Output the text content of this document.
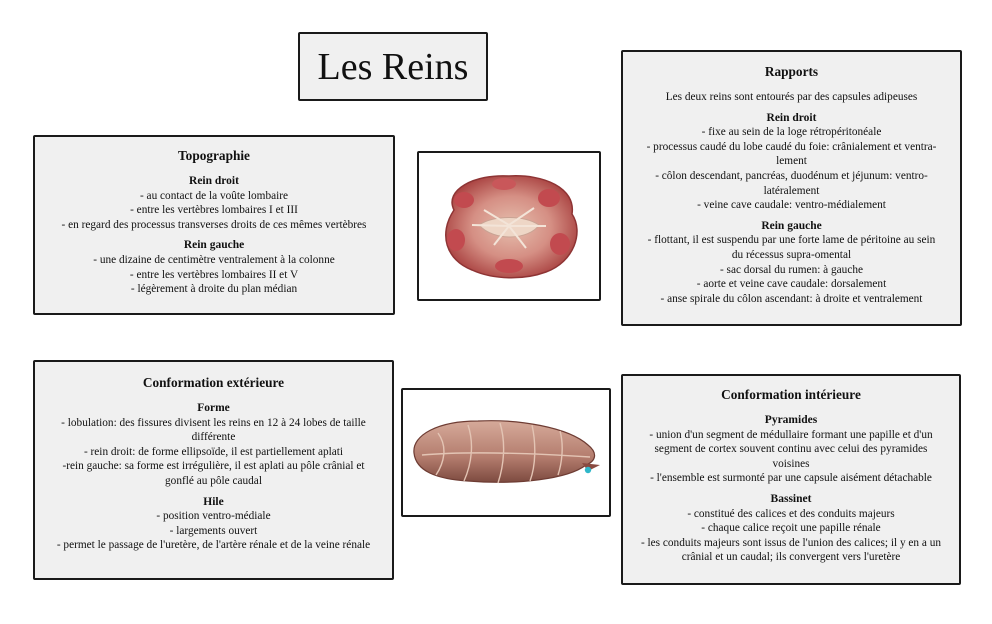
Les Reins
Topographie
Rein droit
- au contact de la voûte lombaire
- entre les vertèbres lombaires I et III
- en regard des processus transverses droits de ces mêmes vertèbres
Rein gauche
- une dizaine de centimètre ventralement à la colonne
- entre les vertèbres lombaires II et V
- légèrement à droite du plan médian
Rapports

Les deux reins sont entourés par des capsules adipeuses

Rein droit
- fixe au sein de la loge rétropéritonéale
- processus caudé du lobe caudé du foie: crânialement et ventra-
lement
- côlon descendant, pancréas, duodénum et jéjunum: ventro-
latéralement
- veine cave caudale: ventro-médialement
Rein gauche
- flottant, il est suspendu par une forte lame de péritoine au sein
du récessus supra-omental
- sac dorsal du rumen: à gauche
- aorte et veine cave caudale: dorsalement
- anse spirale du côlon ascendant: à droite et ventralement
Conformation extérieure
Forme
- lobulation: des fissures divisent les reins en 12 à 24 lobes de taille
différente
- rein droit: de forme ellipsoïde, il est partiellement aplati
-rein gauche: sa forme est irrégulière, il est aplati au pôle crânial et
gonflé au pôle caudal
Hile
- position ventro-médiale
- largements ouvert
- permet le passage de l'uretère, de l'artère rénale et de la veine rénale
Conformation intérieure
Pyramides
- union d'un segment de médullaire formant une papille et d'un
segment de cortex souvent continu avec celui des pyramides
voisines
- l'ensemble est surmonté par une capsule aisément détachable
Bassinet
- constitué des calices et des conduits majeurs
- chaque calice reçoit une papille rénale
- les conduits majeurs sont issus de l'union des calices; il y en a un
crânial et un caudal; ils convergent vers l'uretère
